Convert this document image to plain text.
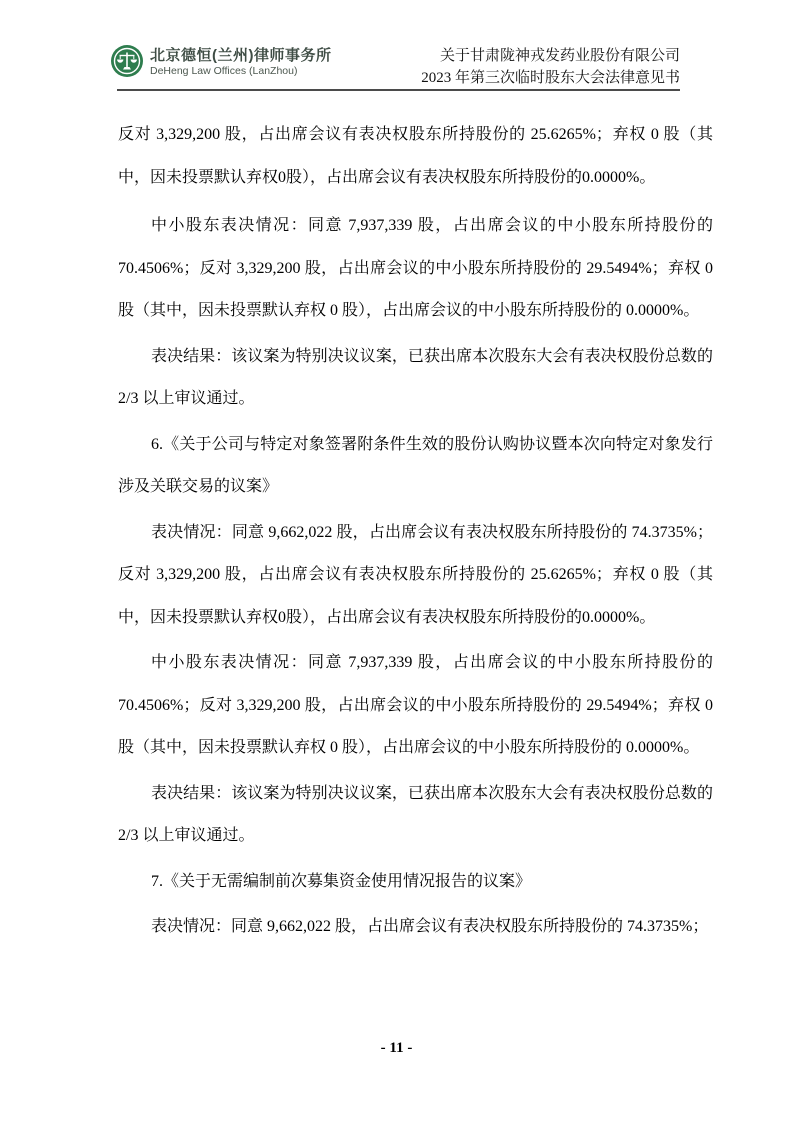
北京德恒(兰州)律师事务所
DeHeng Law Offices (LanZhou)
关于甘肃陇神戎发药业股份有限公司
2023 年第三次临时股东大会法律意见书

反对 3,329,200 股，占出席会议有表决权股东所持股份的 25.6265%；弃权 0 股（其中，因未投票默认弃权0股），占出席会议有表决权股东所持股份的0.0000%。

中小股东表决情况：同意 7,937,339 股，占出席会议的中小股东所持股份的 70.4506%；反对 3,329,200 股，占出席会议的中小股东所持股份的 29.5494%；弃权 0 股（其中，因未投票默认弃权 0 股），占出席会议的中小股东所持股份的 0.0000%。

表决结果：该议案为特别决议议案，已获出席本次股东大会有表决权股份总数的 2/3 以上审议通过。

6.《关于公司与特定对象签署附条件生效的股份认购协议暨本次向特定对象发行涉及关联交易的议案》

表决情况：同意 9,662,022 股，占出席会议有表决权股东所持股份的 74.3735%；反对 3,329,200 股，占出席会议有表决权股东所持股份的 25.6265%；弃权 0 股（其中，因未投票默认弃权0股），占出席会议有表决权股东所持股份的0.0000%。

中小股东表决情况：同意 7,937,339 股，占出席会议的中小股东所持股份的 70.4506%；反对 3,329,200 股，占出席会议的中小股东所持股份的 29.5494%；弃权 0 股（其中，因未投票默认弃权 0 股），占出席会议的中小股东所持股份的 0.0000%。

表决结果：该议案为特别决议议案，已获出席本次股东大会有表决权股份总数的 2/3 以上审议通过。

7.《关于无需编制前次募集资金使用情况报告的议案》

表决情况：同意 9,662,022 股，占出席会议有表决权股东所持股份的 74.3735%；

- 11 -
